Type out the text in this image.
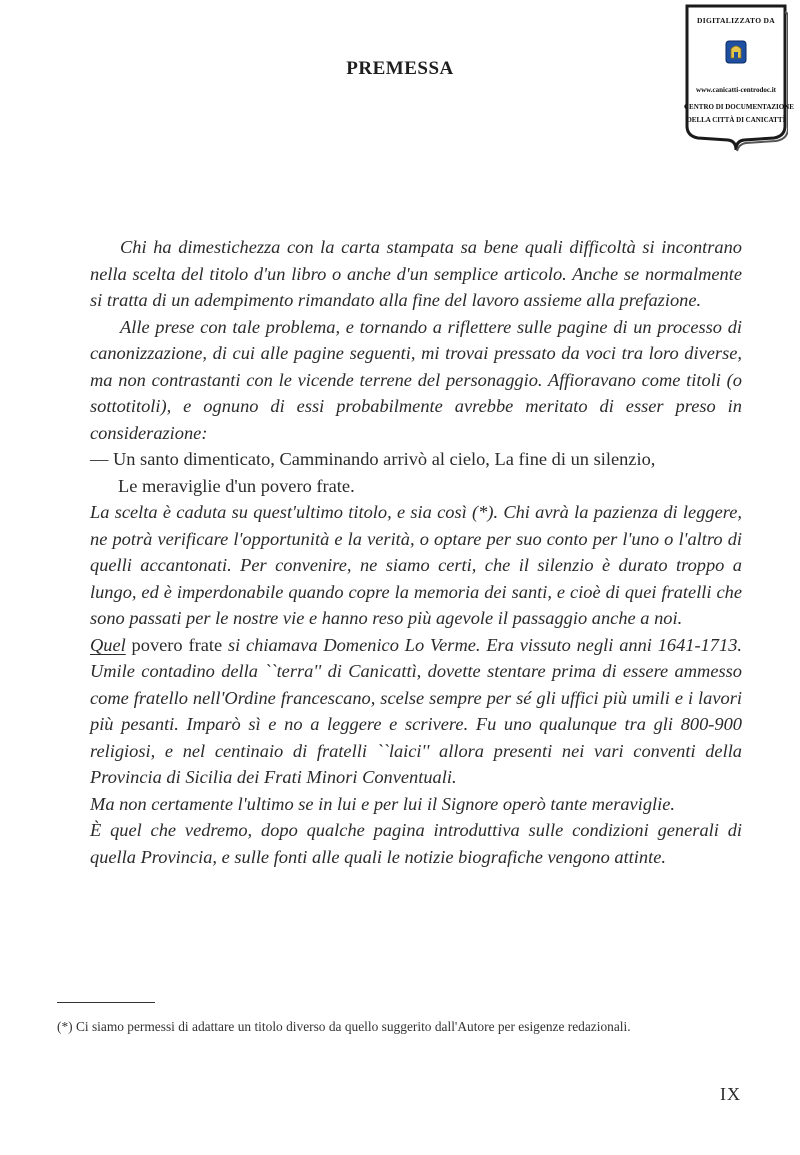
DIGITALIZZATO DA
www.canicatti-centrodoc.it
CENTRO DI DOCUMENTAZIONE
DELLA CITTÀ DI CANICATTÌ
PREMESSA

Chi ha dimestichezza con la carta stampata sa bene quali difficoltà si incontrano nella scelta del titolo d'un libro o anche d'un semplice articolo. Anche se normalmente si tratta di un adempimento rimandato alla fine del lavoro assieme alla prefazione.

Alle prese con tale problema, e tornando a riflettere sulle pagine di un processo di canonizzazione, di cui alle pagine seguenti, mi trovai pressato da voci tra loro diverse, ma non contrastanti con le vicende terrene del personaggio. Affioravano come titoli (o sottotitoli), e ognuno di essi probabilmente avrebbe meritato di esser preso in considerazione:

— Un santo dimenticato, Camminando arrivò al cielo, La fine di un silenzio,

Le meraviglie d'un povero frate.

La scelta è caduta su quest'ultimo titolo, e sia così (*). Chi avrà la pazienza di leggere, ne potrà verificare l'opportunità e la verità, o optare per suo conto per l'uno o l'altro di quelli accantonati. Per convenire, ne siamo certi, che il silenzio è durato troppo a lungo, ed è imperdonabile quando copre la memoria dei santi, e cioè di quei fratelli che sono passati per le nostre vie e hanno reso più agevole il passaggio anche a noi.

Quel povero frate si chiamava Domenico Lo Verme. Era vissuto negli anni 1641-1713. Umile contadino della ``terra'' di Canicattì, dovette stentare prima di essere ammesso come fratello nell'Ordine francescano, scelse sempre per sé gli uffici più umili e i lavori più pesanti. Imparò sì e no a leggere e scrivere. Fu uno qualunque tra gli 800-900 religiosi, e nel centinaio di fratelli ``laici'' allora presenti nei vari conventi della Provincia di Sicilia dei Frati Minori Conventuali.

Ma non certamente l'ultimo se in lui e per lui il Signore operò tante meraviglie.

È quel che vedremo, dopo qualche pagina introduttiva sulle condizioni generali di quella Provincia, e sulle fonti alle quali le notizie biografiche vengono attinte.

(*) Ci siamo permessi di adattare un titolo diverso da quello suggerito dall'Autore per esigenze redazionali.
IX
